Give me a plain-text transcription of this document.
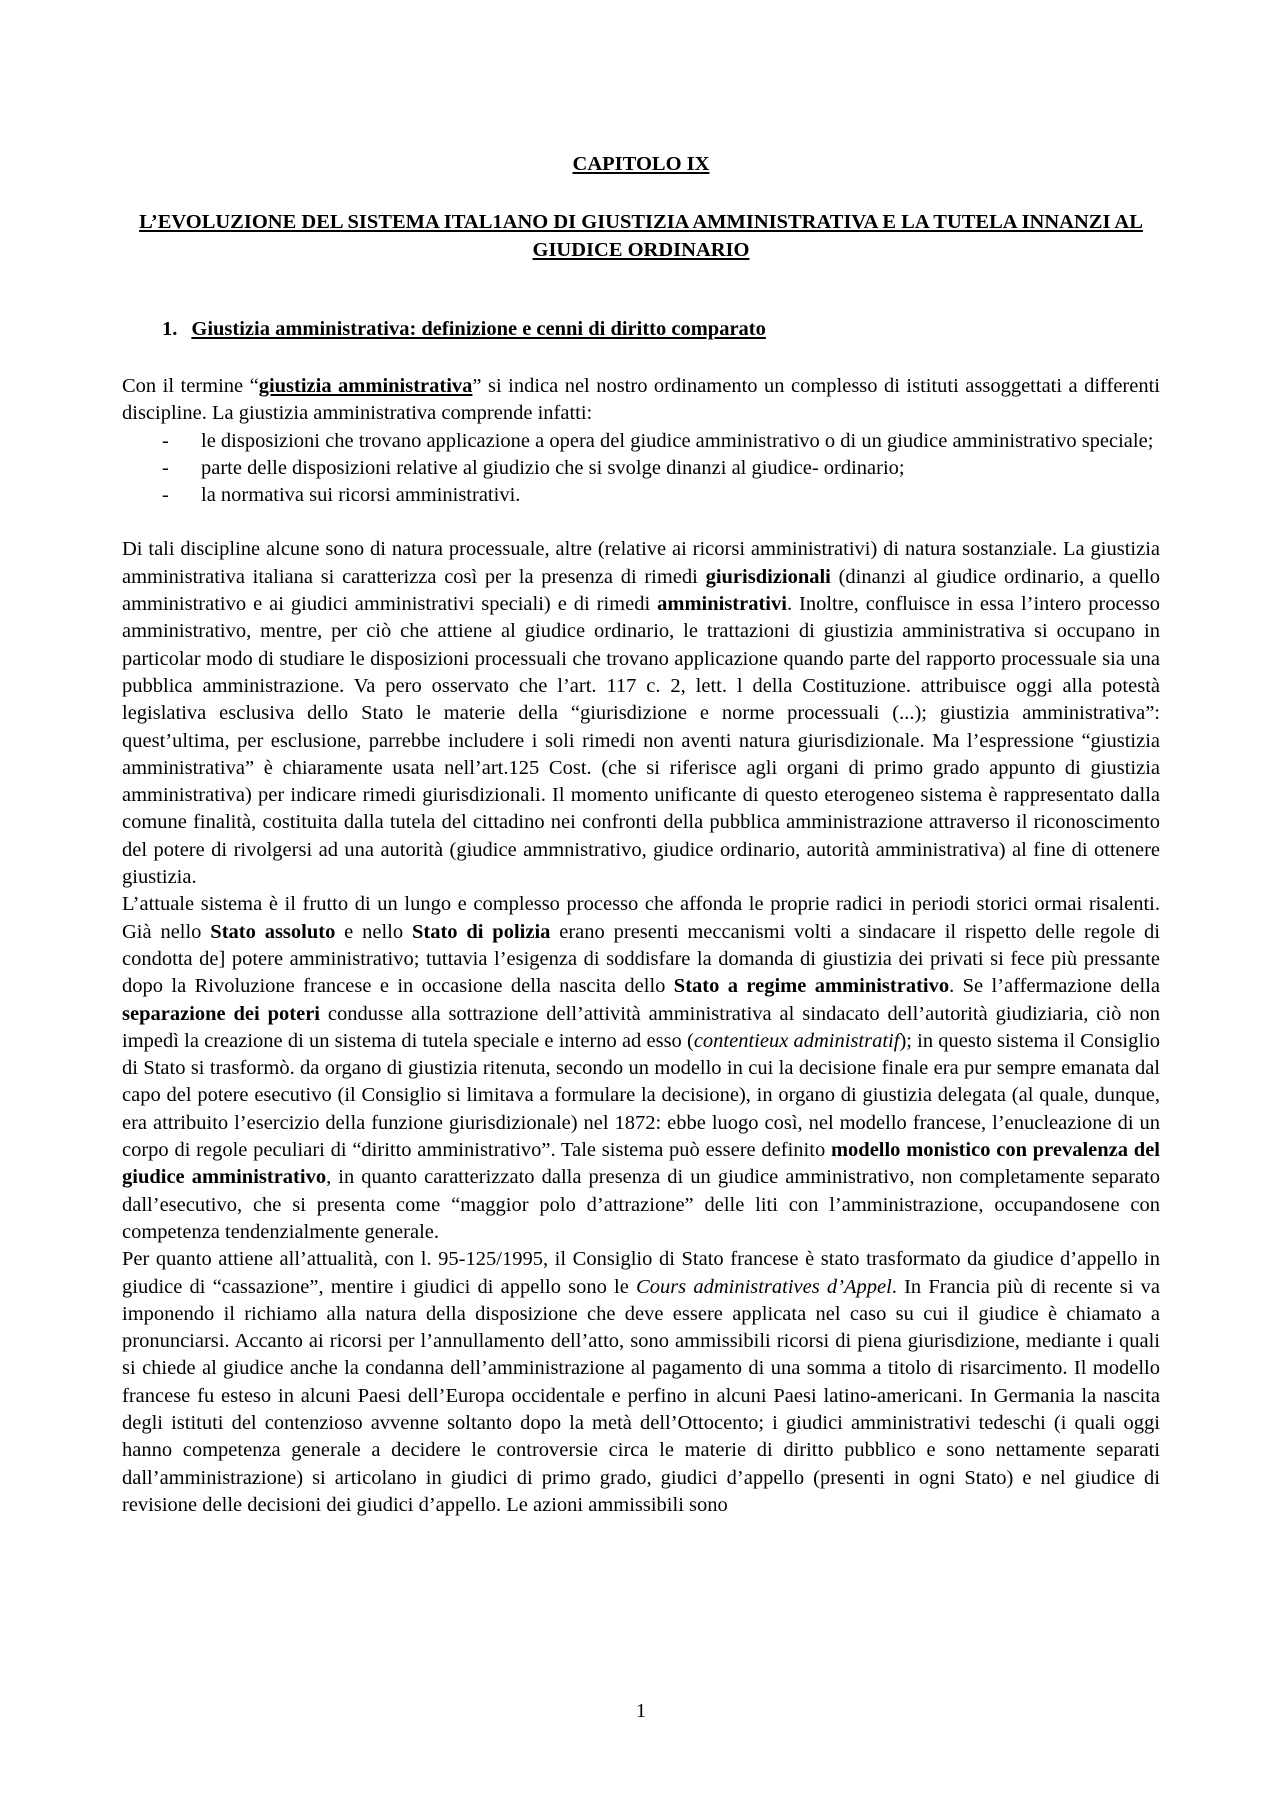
CAPITOLO IX
L’EVOLUZIONE DEL SISTEMA ITAL1ANO DI GIUSTIZIA AMMINISTRATIVA E LA TUTELA INNANZI AL GIUDICE ORDINARIO
1. Giustizia amministrativa: definizione e cenni di diritto comparato

Con il termine “giustizia amministrativa” si indica nel nostro ordinamento un complesso di istituti assoggettati a differenti discipline. La giustizia amministrativa comprende infatti:

- le disposizioni che trovano applicazione a opera del giudice amministrativo o di un giudice amministrativo speciale;
- parte delle disposizioni relative al giudizio che si svolge dinanzi al giudice- ordinario;
- la normativa sui ricorsi amministrativi.

Di tali discipline alcune sono di natura processuale, altre (relative ai ricorsi amministrativi) di natura sostanziale. La giustizia amministrativa italiana si caratterizza così per la presenza di rimedi giurisdizionali (dinanzi al giudice ordinario, a quello amministrativo e ai giudici amministrativi speciali) e di rimedi amministrativi. Inoltre, confluisce in essa l’intero processo amministrativo, mentre, per ciò che attiene al giudice ordinario, le trattazioni di giustizia amministrativa si occupano in particolar modo di studiare le disposizioni processuali che trovano applicazione quando parte del rapporto processuale sia una pubblica amministrazione. Va pero osservato che l’art. 117 c. 2, lett. l della Costituzione. attribuisce oggi alla potestà legislativa esclusiva dello Stato le materie della “giurisdizione e norme processuali (...); giustizia amministrativa”: quest’ultima, per esclusione, parrebbe includere i soli rimedi non aventi natura giurisdizionale. Ma l’espressione “giustizia amministrativa” è chiaramente usata nell’art.125 Cost. (che si riferisce agli organi di primo grado appunto di giustizia amministrativa) per indicare rimedi giurisdizionali. Il momento unificante di questo eterogeneo sistema è rappresentato dalla comune finalità, costituita dalla tutela del cittadino nei confronti della pubblica amministrazione attraverso il riconoscimento del potere di rivolgersi ad una autorità (giudice ammnistrativo, giudice ordinario, autorità amministrativa) al fine di ottenere giustizia.

L’attuale sistema è il frutto di un lungo e complesso processo che affonda le proprie radici in periodi storici ormai risalenti. Già nello Stato assoluto e nello Stato di polizia erano presenti meccanismi volti a sindacare il rispetto delle regole di condotta de] potere amministrativo; tuttavia l’esigenza di soddisfare la domanda di giustizia dei privati si fece più pressante dopo la Rivoluzione francese e in occasione della nascita dello Stato a regime amministrativo. Se l’affermazione della separazione dei poteri condusse alla sottrazione dell’attività amministrativa al sindacato dell’autorità giudiziaria, ciò non impedì la creazione di un sistema di tutela speciale e interno ad esso (contentieux administratif); in questo sistema il Consiglio di Stato si trasformò. da organo di giustizia ritenuta, secondo un modello in cui la decisione finale era pur sempre emanata dal capo del potere esecutivo (il Consiglio si limitava a formulare la decisione), in organo di giustizia delegata (al quale, dunque, era attribuito l’esercizio della funzione giurisdizionale) nel 1872: ebbe luogo così, nel modello francese, l’enucleazione di un corpo di regole peculiari di “diritto amministrativo”. Tale sistema può essere definito modello monistico con prevalenza del giudice amministrativo, in quanto caratterizzato dalla presenza di un giudice amministrativo, non completamente separato dall’esecutivo, che si presenta come “maggior polo d’attrazione” delle liti con l’amministrazione, occupandosene con competenza tendenzialmente generale.

Per quanto attiene all’attualità, con l. 95-125/1995, il Consiglio di Stato francese è stato trasformato da giudice d’appello in giudice di “cassazione”, mentire i giudici di appello sono le Cours administratives d’Appel. In Francia più di recente si va imponendo il richiamo alla natura della disposizione che deve essere applicata nel caso su cui il giudice è chiamato a pronunciarsi. Accanto ai ricorsi per l’annullamento dell’atto, sono ammissibili ricorsi di piena giurisdizione, mediante i quali si chiede al giudice anche la condanna dell’amministrazione al pagamento di una somma a titolo di risarcimento. Il modello francese fu esteso in alcuni Paesi dell’Europa occidentale e perfino in alcuni Paesi latino-americani. In Germania la nascita degli istituti del contenzioso avvenne soltanto dopo la metà dell’Ottocento; i giudici amministrativi tedeschi (i quali oggi hanno competenza generale a decidere le controversie circa le materie di diritto pubblico e sono nettamente separati dall’amministrazione) si articolano in giudici di primo grado, giudici d’appello (presenti in ogni Stato) e nel giudice di revisione delle decisioni dei giudici d’appello. Le azioni ammissibili sono

1
